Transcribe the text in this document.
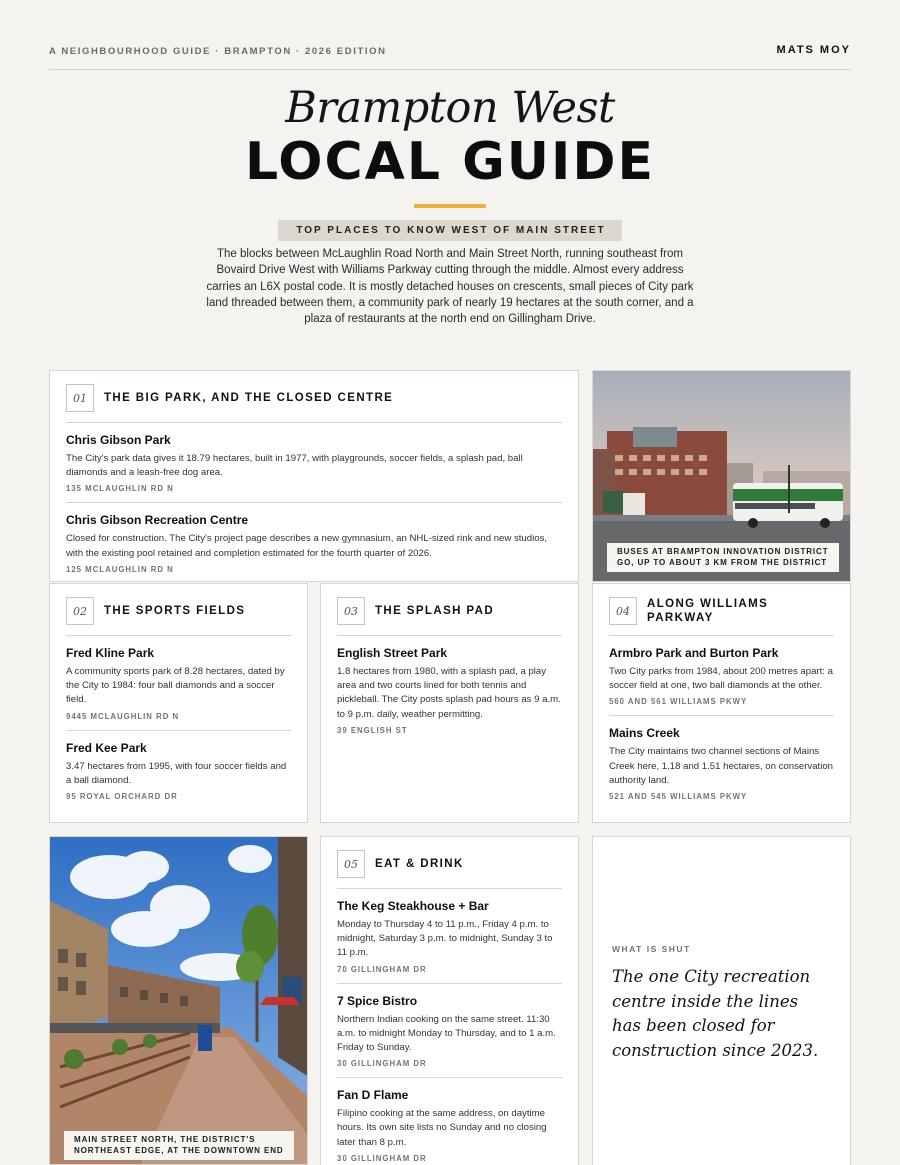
A NEIGHBOURHOOD GUIDE · BRAMPTON · 2026 EDITION	MATS MOY
Brampton West
LOCAL GUIDE
TOP PLACES TO KNOW WEST OF MAIN STREET
The blocks between McLaughlin Road North and Main Street North, running southeast from Bovaird Drive West with Williams Parkway cutting through the middle. Almost every address carries an L6X postal code. It is mostly detached houses on crescents, small pieces of City park land threaded between them, a community park of nearly 19 hectares at the south corner, and a plaza of restaurants at the north end on Gillingham Drive.
01	THE BIG PARK, AND THE CLOSED CENTRE
Chris Gibson Park

The City's park data gives it 18.79 hectares, built in 1977, with playgrounds, soccer fields, a splash pad, ball diamonds and a leash-free dog area.

135 MCLAUGHLIN RD N
Chris Gibson Recreation Centre

Closed for construction. The City's project page describes a new gymnasium, an NHL-sized rink and new studios, with the existing pool retained and completion estimated for the fourth quarter of 2026.

125 MCLAUGHLIN RD N
BUSES AT BRAMPTON INNOVATION DISTRICT
GO, UP TO ABOUT 3 KM FROM THE DISTRICT
02	THE SPORTS FIELDS
Fred Kline Park

A community sports park of 8.28 hectares, dated by the City to 1984: four ball diamonds and a soccer field.

9445 MCLAUGHLIN RD N
Fred Kee Park

3.47 hectares from 1995, with four soccer fields and a ball diamond.

95 ROYAL ORCHARD DR
03	THE SPLASH PAD
English Street Park

1.8 hectares from 1980, with a splash pad, a play area and two courts lined for both tennis and pickleball. The City posts splash pad hours as 9 a.m. to 9 p.m. daily, weather permitting.

39 ENGLISH ST
04
ALONG WILLIAMS PARKWAY
Armbro Park and Burton Park

Two City parks from 1984, about 200 metres apart: a soccer field at one, two ball diamonds at the other.

560 AND 561 WILLIAMS PKWY
Mains Creek

The City maintains two channel sections of Mains Creek here, 1.18 and 1.51 hectares, on conservation authority land.

521 AND 545 WILLIAMS PKWY
MAIN STREET NORTH, THE DISTRICT'S
NORTHEAST EDGE, AT THE DOWNTOWN END
05	EAT & DRINK
The Keg Steakhouse + Bar

Monday to Thursday 4 to 11 p.m., Friday 4 p.m. to midnight, Saturday 3 p.m. to midnight, Sunday 3 to 11 p.m.

70 GILLINGHAM DR
7 Spice Bistro

Northern Indian cooking on the same street. 11:30 a.m. to midnight Monday to Thursday, and to 1 a.m. Friday to Sunday.

30 GILLINGHAM DR
Fan D Flame

Filipino cooking at the same address, on daytime hours. Its own site lists no Sunday and no closing later than 8 p.m.

30 GILLINGHAM DR
WHAT IS SHUT
The one City recreation centre inside the lines has been closed for construction since 2023.
